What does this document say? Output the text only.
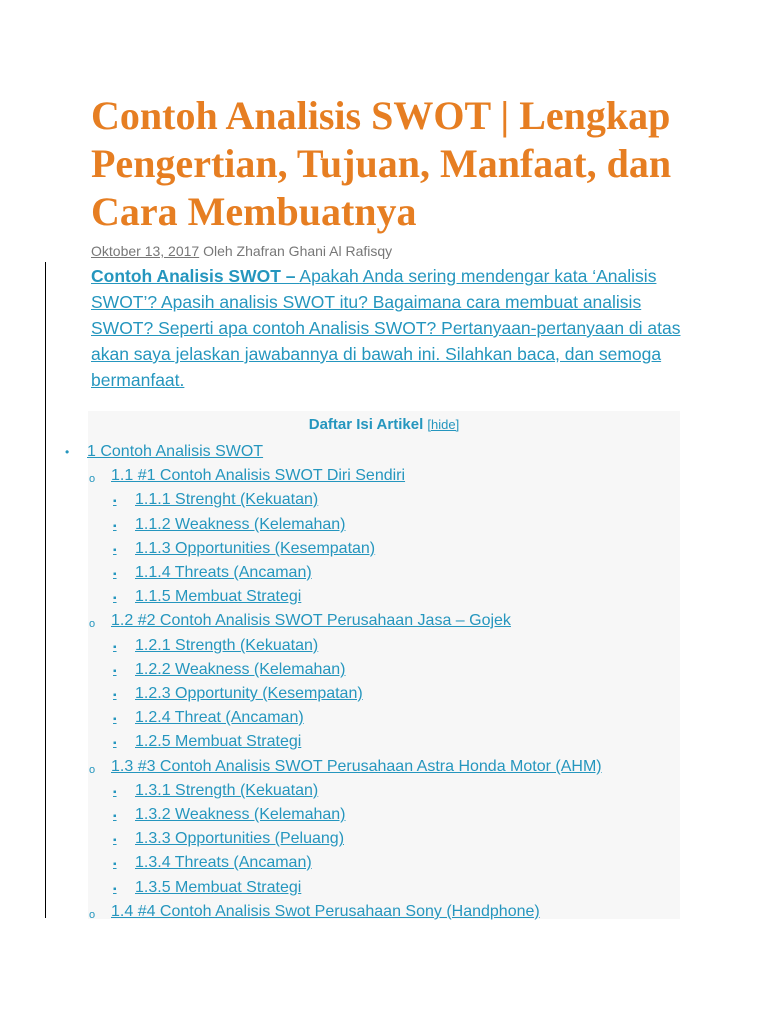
Contoh Analisis SWOT | Lengkap Pengertian, Tujuan, Manfaat, dan Cara Membuatnya
Oktober 13, 2017 Oleh Zhafran Ghani Al Rafisqy

Contoh Analisis SWOT – Apakah Anda sering mendengar kata ‘Analisis SWOT’? Apasih analisis SWOT itu? Bagaimana cara membuat analisis SWOT? Seperti apa contoh Analisis SWOT? Pertanyaan-pertanyaan di atas akan saya jelaskan jawabannya di bawah ini. Silahkan baca, dan semoga bermanfaat.

Daftar Isi Artikel [hide]
• 1 Contoh Analisis SWOT
o 1.1 #1 Contoh Analisis SWOT Diri Sendiri
▪ 1.1.1 Strenght (Kekuatan)
▪ 1.1.2 Weakness (Kelemahan)
▪ 1.1.3 Opportunities (Kesempatan)
▪ 1.1.4 Threats (Ancaman)
▪ 1.1.5 Membuat Strategi
o 1.2 #2 Contoh Analisis SWOT Perusahaan Jasa – Gojek
▪ 1.2.1 Strength (Kekuatan)
▪ 1.2.2 Weakness (Kelemahan)
▪ 1.2.3 Opportunity (Kesempatan)
▪ 1.2.4 Threat (Ancaman)
▪ 1.2.5 Membuat Strategi
o 1.3 #3 Contoh Analisis SWOT Perusahaan Astra Honda Motor (AHM)
▪ 1.3.1 Strength (Kekuatan)
▪ 1.3.2 Weakness (Kelemahan)
▪ 1.3.3 Opportunities (Peluang)
▪ 1.3.4 Threats (Ancaman)
▪ 1.3.5 Membuat Strategi
o 1.4 #4 Contoh Analisis Swot Perusahaan Sony (Handphone)
